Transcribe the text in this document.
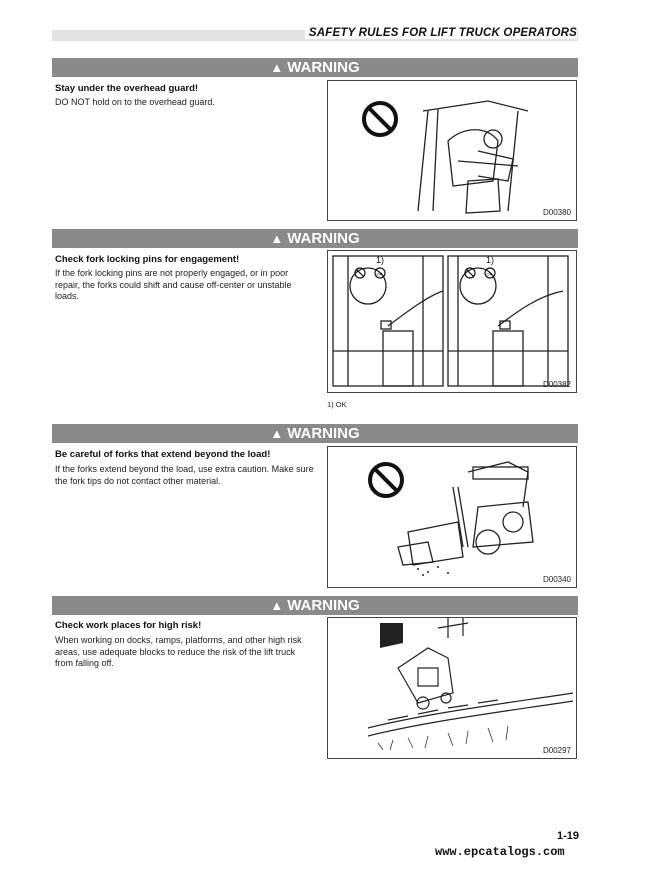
SAFETY RULES FOR LIFT TRUCK OPERATORS
▲ WARNING
Stay under the overhead guard!
DO NOT hold on to the overhead guard.
D00380
▲ WARNING
Check fork locking pins for engagement!
If the fork locking pins are not properly engaged, or in poor repair, the forks could shift and cause off-center or unstable loads.
1)	1)
OK	OK
D00382
1) OK
▲ WARNING
Be careful of forks that extend beyond the load!
If the forks extend beyond the load, use extra caution. Make sure the fork tips do not contact other material.
D00340
▲ WARNING
Check work places for high risk!
When working on docks, ramps, platforms, and other high risk areas, use adequate blocks to reduce the risk of the lift truck from falling off.
D00297
1-19
www.epcatalogs.com
